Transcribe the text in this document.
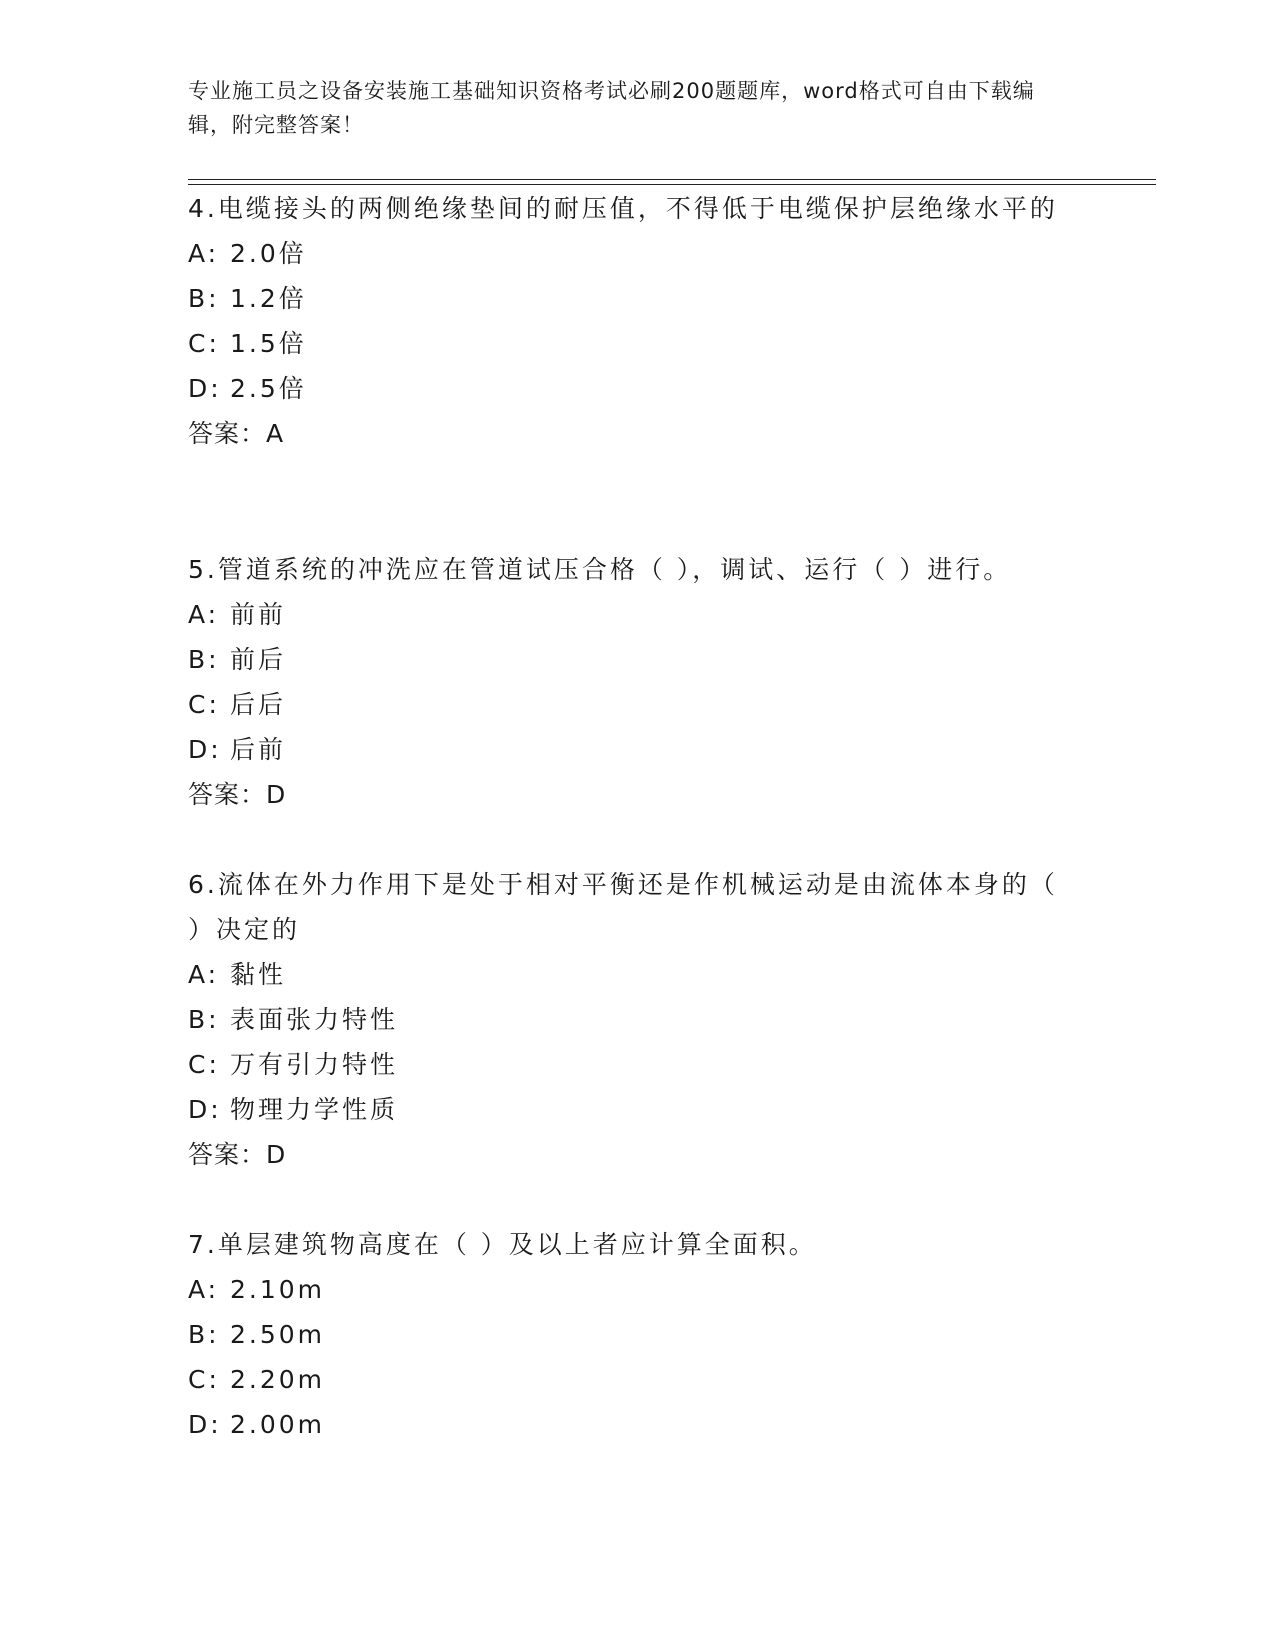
专业施工员之设备安装施工基础知识资格考试必刷200题题库，word格式可自由下载编辑，附完整答案！

4.电缆接头的两侧绝缘垫间的耐压值，不得低于电缆保护层绝缘水平的

A: 2.0倍

B: 1.2倍

C: 1.5倍

D: 2.5倍

答案：A

5.管道系统的冲洗应在管道试压合格（ ），调试、运行（ ）进行。

A: 前前

B: 前后

C: 后后

D: 后前

答案：D

6.流体在外力作用下是处于相对平衡还是作机械运动是由流体本身的（ ）决定的

A: 黏性

B: 表面张力特性

C: 万有引力特性

D: 物理力学性质

答案：D

7.单层建筑物高度在（ ）及以上者应计算全面积。

A: 2.10m

B: 2.50m

C: 2.20m

D: 2.00m
